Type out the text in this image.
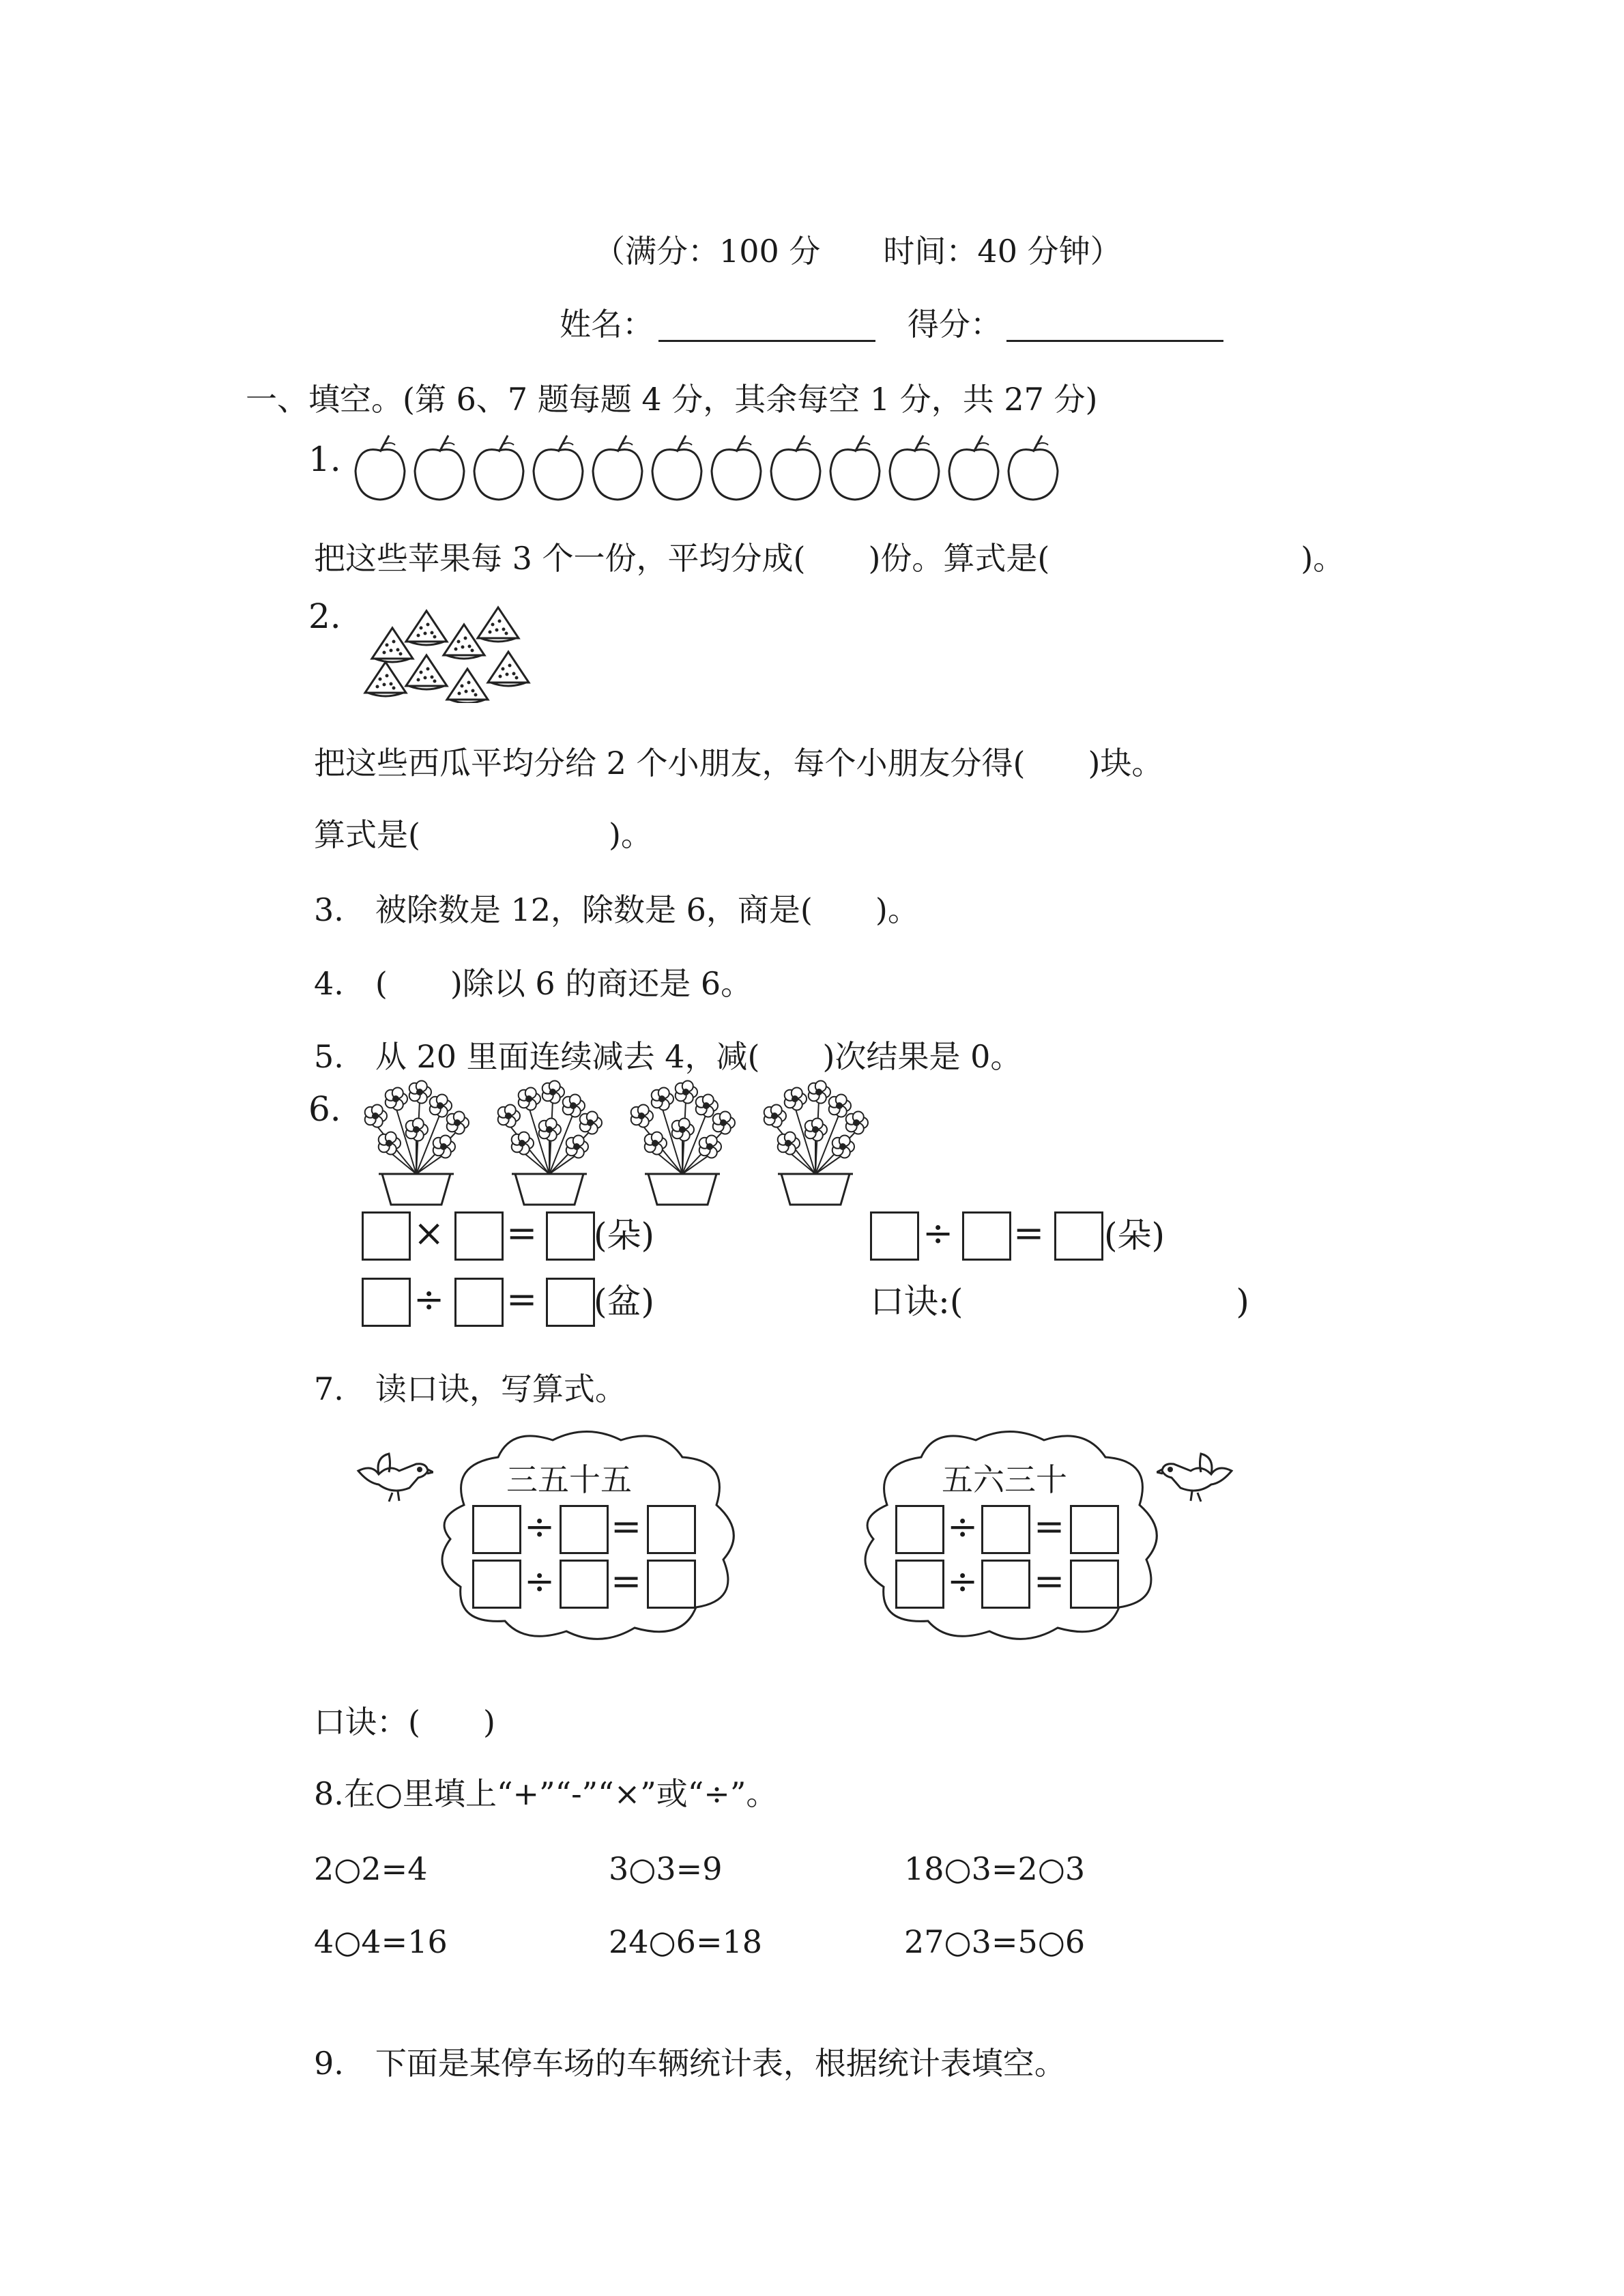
（满分：100 分　　时间：40 分钟）
姓名：	得分：
一、填空。(第 6、7 题每题 4 分，其余每空 1 分，共 27 分)
1.
把这些苹果每 3 个一份，平均分成(　　)份。算式是(　　　　　　　　)。
2.
把这些西瓜平均分给 2 个小朋友，每个小朋友分得(　　)块。
算式是(　　　　　　)。
3.　被除数是 12，除数是 6，商是(　　)。
4.　(　　)除以 6 的商还是 6。
5.　从 20 里面连续减去 4，减(　　)次结果是 0。
6.
× = (朵)	÷ = (朵)
÷ = (盆)	口诀:(　　　　　　　　)
7.　读口诀，写算式。
三五十五
÷ =
÷ =
五六三十
÷ =
÷ =
口诀：(　　)
8.在○里填上“+”“-”“×”或“÷”。
2○2=4	3○3=9	18○3=2○3
4○4=16	24○6=18	27○3=5○6
9.　下面是某停车场的车辆统计表，根据统计表填空。
